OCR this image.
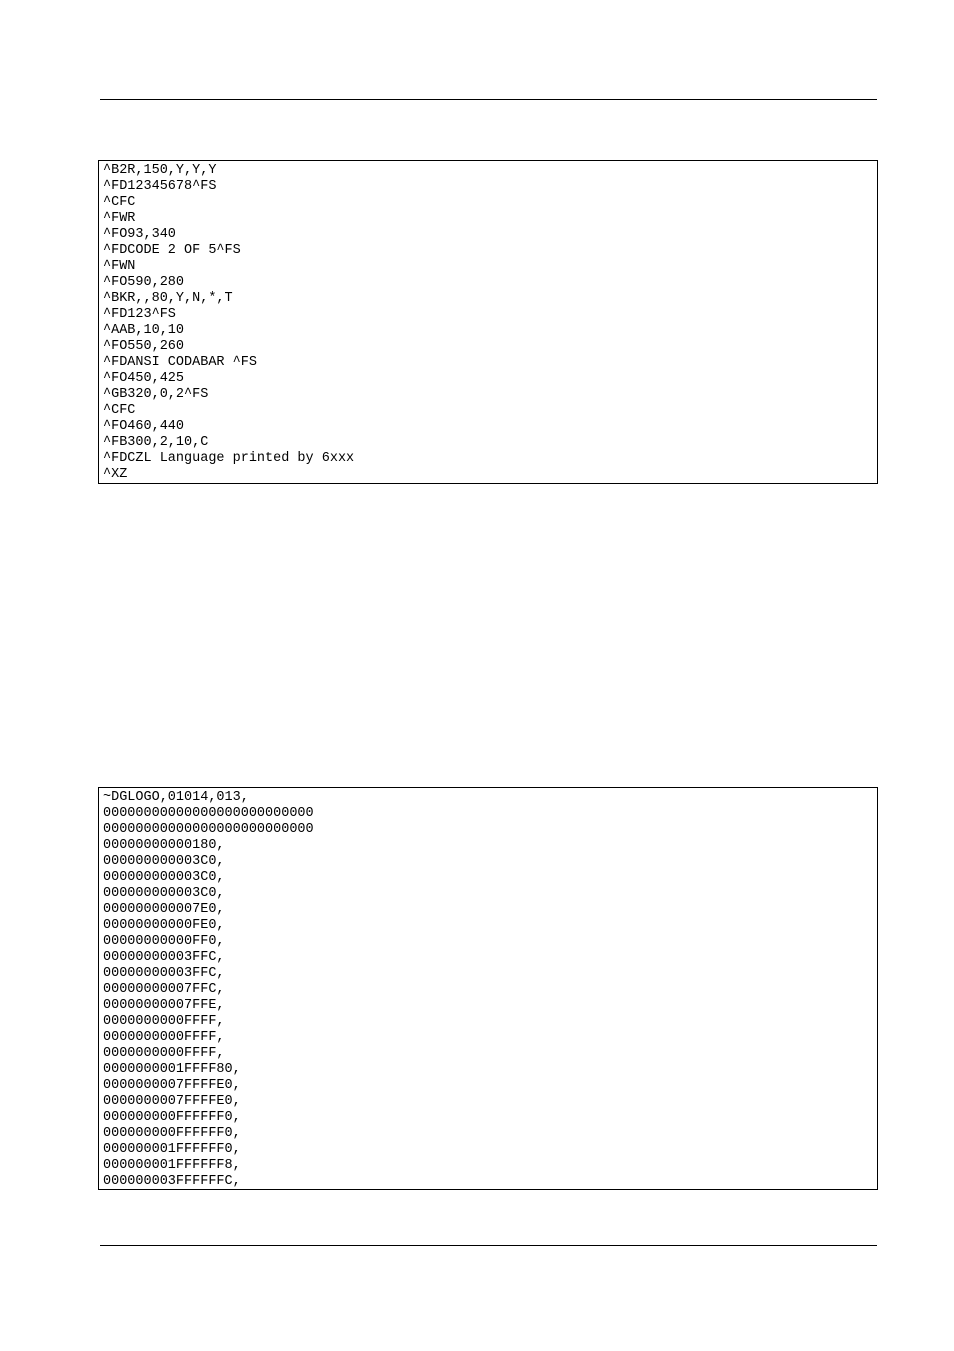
^B2R,150,Y,Y,Y
^FD12345678^FS
^CFC
^FWR
^FO93,340
^FDCODE 2 OF 5^FS
^FWN
^FO590,280
^BKR,,80,Y,N,*,T
^FD123^FS
^AAB,10,10
^FO550,260
^FDANSI CODABAR ^FS
^FO450,425
^GB320,0,2^FS
^CFC
^FO460,440
^FB300,2,10,C
^FDCZL Language printed by 6xxx
^XZ
~DGLOGO,01014,013,
00000000000000000000000000
00000000000000000000000000
00000000000180,
000000000003C0,
000000000003C0,
000000000003C0,
000000000007E0,
00000000000FE0,
00000000000FF0,
00000000003FFC,
00000000003FFC,
00000000007FFC,
00000000007FFE,
0000000000FFFF,
0000000000FFFF,
0000000000FFFF,
0000000001FFFF80,
0000000007FFFFE0,
0000000007FFFFE0,
000000000FFFFFF0,
000000000FFFFFF0,
000000001FFFFFF0,
000000001FFFFFF8,
000000003FFFFFFC,
